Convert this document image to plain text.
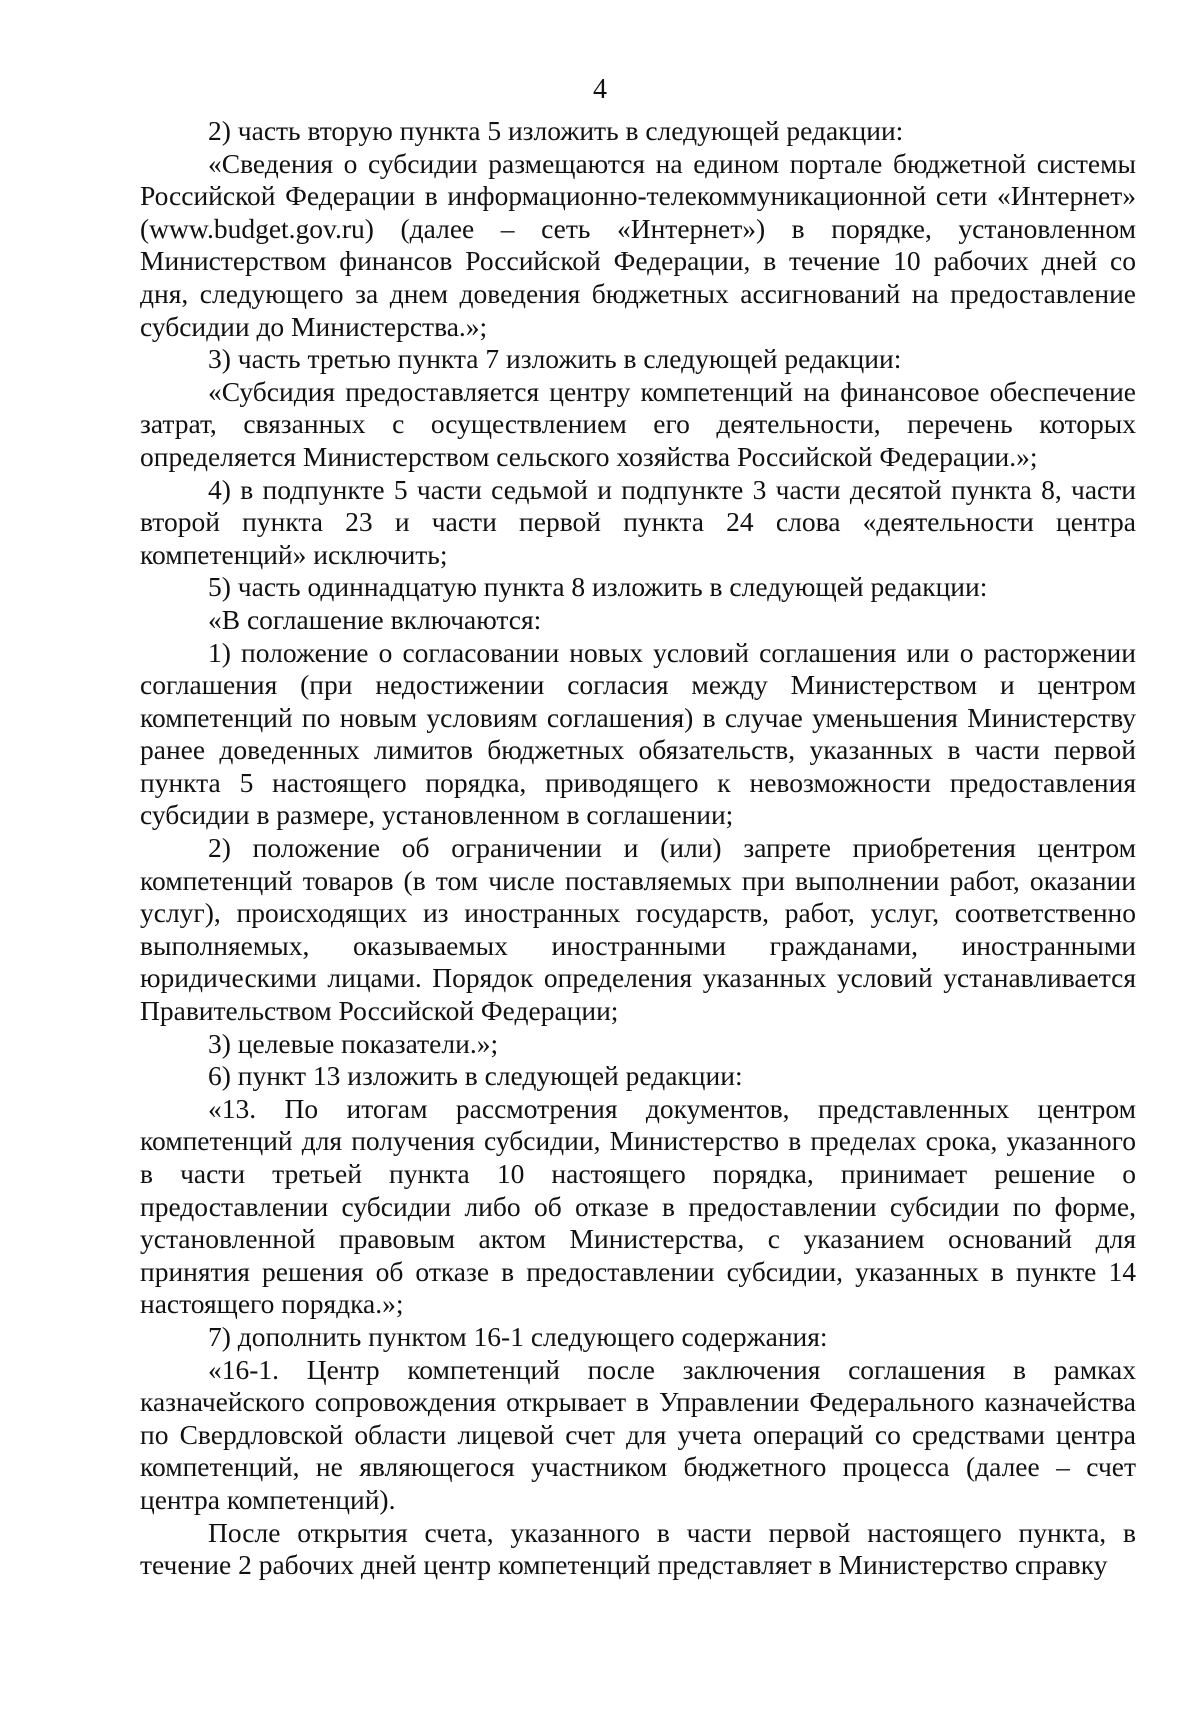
4

2) часть вторую пункта 5 изложить в следующей редакции:

«Сведения о субсидии размещаются на едином портале бюджетной системы Российской Федерации в информационно-телекоммуникационной сети «Интернет» (www.budget.gov.ru) (далее – сеть «Интернет») в порядке, установленном Министерством финансов Российской Федерации, в течение 10 рабочих дней со дня, следующего за днем доведения бюджетных ассигнований на предоставление субсидии до Министерства.»;

3) часть третью пункта 7 изложить в следующей редакции:

«Субсидия предоставляется центру компетенций на финансовое обеспечение затрат, связанных с осуществлением его деятельности, перечень которых определяется Министерством сельского хозяйства Российской Федерации.»;

4) в подпункте 5 части седьмой и подпункте 3 части десятой пункта 8, части второй пункта 23 и части первой пункта 24 слова «деятельности центра компетенций» исключить;

5) часть одиннадцатую пункта 8 изложить в следующей редакции:

«В соглашение включаются:

1) положение о согласовании новых условий соглашения или о расторжении соглашения (при недостижении согласия между Министерством и центром компетенций по новым условиям соглашения) в случае уменьшения Министерству ранее доведенных лимитов бюджетных обязательств, указанных в части первой пункта 5 настоящего порядка, приводящего к невозможности предоставления субсидии в размере, установленном в соглашении;

2) положение об ограничении и (или) запрете приобретения центром компетенций товаров (в том числе поставляемых при выполнении работ, оказании услуг), происходящих из иностранных государств, работ, услуг, соответственно выполняемых, оказываемых иностранными гражданами, иностранными юридическими лицами. Порядок определения указанных условий устанавливается Правительством Российской Федерации;

3) целевые показатели.»;

6) пункт 13 изложить в следующей редакции:

«13. По итогам рассмотрения документов, представленных центром компетенций для получения субсидии, Министерство в пределах срока, указанного в части третьей пункта 10 настоящего порядка, принимает решение о предоставлении субсидии либо об отказе в предоставлении субсидии по форме, установленной правовым актом Министерства, с указанием оснований для принятия решения об отказе в предоставлении субсидии, указанных в пункте 14 настоящего порядка.»;

7) дополнить пунктом 16-1 следующего содержания:

«16-1. Центр компетенций после заключения соглашения в рамках казначейского сопровождения открывает в Управлении Федерального казначейства по Свердловской области лицевой счет для учета операций со средствами центра компетенций, не являющегося участником бюджетного процесса (далее – счет центра компетенций).

После открытия счета, указанного в части первой настоящего пункта, в течение 2 рабочих дней центр компетенций представляет в Министерство справку
